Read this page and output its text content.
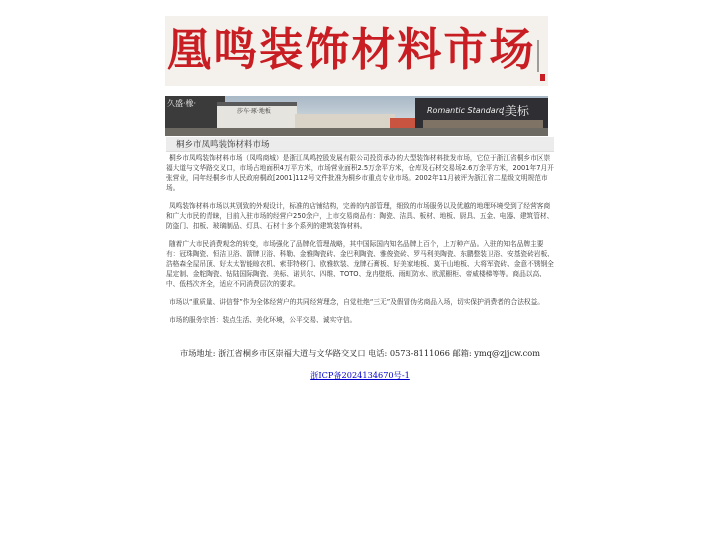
凰鸣装饰材料市场
久盛·橡·
莎车·琢·地板	Romantic Standard
.美标
桐乡市凤鸣装饰材料市场

桐乡市凤鸣装饰材料市场（凤鸣商城）是浙江凤鸣控股发展有限公司投资承办的大型装饰材料批发市场，它位于浙江省桐乡市区崇福大道与文华路交叉口，市场占地面积4万平方米，市场营业面积2.5万余平方米，仓库及石材交易场2.6万余平方米，2001年7月开张营业，同年经桐乡市人民政府桐政[2001]112号文件批准为桐乡市重点专业市场。2002年11月被评为浙江省二星级文明规范市场。

凤鸣装饰材料市场以其别致的外观设计，标准的店铺结构，完善的内部管理，细致的市场服务以及优越的地理环境受到了经营客商和广大市民的青睐，目前入驻市场的经营户250余户，上市交易商品有：陶瓷、洁具、板材、地板、厨具、五金、电器、建筑管材、防盗门、扣板、玻璃制品、灯具、石材十多个系列的建筑装饰材料。

随着广大市民消费观念的转变，市场强化了品牌化管理战略，其中国际国内知名品牌上百个，上万种产品。入驻的知名品牌主要有：冠珠陶瓷、恒洁卫浴、箭牌卫浴、科勒、金雅陶瓷砖、金巴利陶瓷、雅俊瓷砖、罗马利美陶瓷、东鹏整装卫浴、安基瓷砖岩板、浩格森全屋吊顶、好太太智能晾衣机、索菲特移门、欧雅软装、龙牌石膏板、好美家地板、莫干山地板、大将军瓷砖、金意不锈钢全屋定制、金舵陶瓷、钻陆国际陶瓷、美标、诺贝尔、四维、TOTO、龙冉壁纸、雨虹防水、欧派橱柜、帝威楼梯等等。商品以高、中、低档次齐全，适应不同消费层次的要求。

市场以“重质量、讲信誉”作为全体经营户的共同经营理念，自觉杜绝“三无”及假冒伪劣商品入场，切实保护消费者的合法权益。

市场的服务宗旨：装点生活、美化环境，公平交易、诚实守信。

市场地址: 浙江省桐乡市区崇福大道与文华路交叉口 电话: 0573-8111066 邮箱: ymq@zjjcw.com
浙ICP备2024134670号-1
